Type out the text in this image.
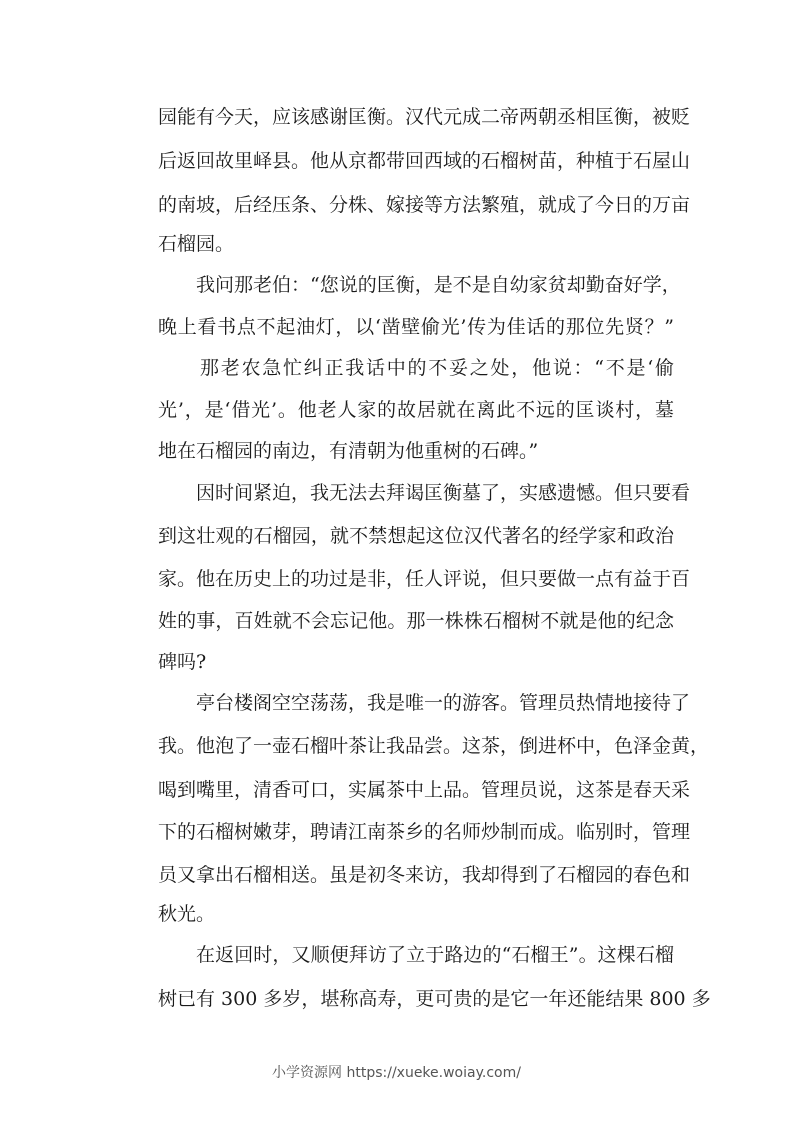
园能有今天，应该感谢匡衡。汉代元成二帝两朝丞相匡衡，被贬
后返回故里峄县。他从京都带回西域的石榴树苗，种植于石屋山
的南坡，后经压条、分株、嫁接等方法繁殖，就成了今日的万亩
石榴园。
我问那老伯：“您说的匡衡，是不是自幼家贫却勤奋好学，
晚上看书点不起油灯，以‘凿壁偷光’传为佳话的那位先贤？”
那老农急忙纠正我话中的不妥之处，他说：“不是‘偷
光’，是‘借光’。他老人家的故居就在离此不远的匡谈村，墓
地在石榴园的南边，有清朝为他重树的石碑。”
因时间紧迫，我无法去拜谒匡衡墓了，实感遗憾。但只要看
到这壮观的石榴园，就不禁想起这位汉代著名的经学家和政治
家。他在历史上的功过是非，任人评说，但只要做一点有益于百
姓的事，百姓就不会忘记他。那一株株石榴树不就是他的纪念
碑吗?
亭台楼阁空空荡荡，我是唯一的游客。管理员热情地接待了
我。他泡了一壶石榴叶茶让我品尝。这茶，倒进杯中，色泽金黄，
喝到嘴里，清香可口，实属茶中上品。管理员说，这茶是春天采
下的石榴树嫩芽，聘请江南茶乡的名师炒制而成。临别时，管理
员又拿出石榴相送。虽是初冬来访，我却得到了石榴园的春色和
秋光。
在返回时，又顺便拜访了立于路边的“石榴王”。这棵石榴
树已有 300 多岁，堪称高寿，更可贵的是它一年还能结果 800 多
小学资源网 https://xueke.woiay.com/
